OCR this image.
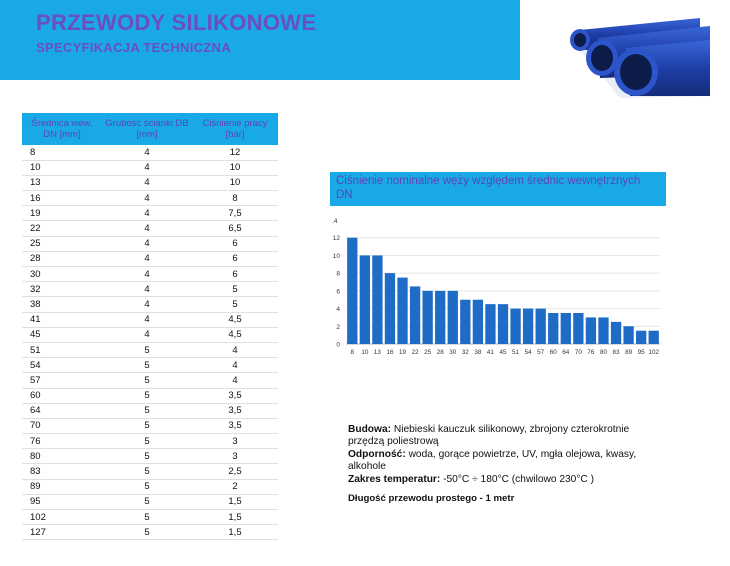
PRZEWODY SILIKONOWE
SPECYFIKACJA TECHNICZNA
Średnica wew. DN [mm]	Grubość ścianki DB [mm]	Ciśnienie pracy [bar]
8	4	12
10	4	10
13	4	10
16	4	8
19	4	7,5
22	4	6,5
25	4	6
28	4	6
30	4	6
32	4	5
38	4	5
41	4	4,5
45	4	4,5
51	5	4
54	5	4
57	5	4
60	5	3,5
64	5	3,5
70	5	3,5
76	5	3
80	5	3
83	5	2,5
89	5	2
95	5	1,5
102	5	1,5
127	5	1,5
Ciśnienie nominalne węży względem średnic wewnętrznych DN
.4
0
2
4
6
8
10
12
8 10 13 16 19 22 25 28 30 32 38 41 45 51 54 57 60 64 70 76 80 83 89 95 102
Budowa: Niebieski kauczuk silikonowy, zbrojony czterokrotnie przędzą poliestrową
Odporność: woda, gorące powietrze, UV, mgła olejowa, kwasy, alkohole
Zakres temperatur: -50°C ÷ 180°C (chwilowo 230°C )
Długość przewodu prostego - 1 metr
